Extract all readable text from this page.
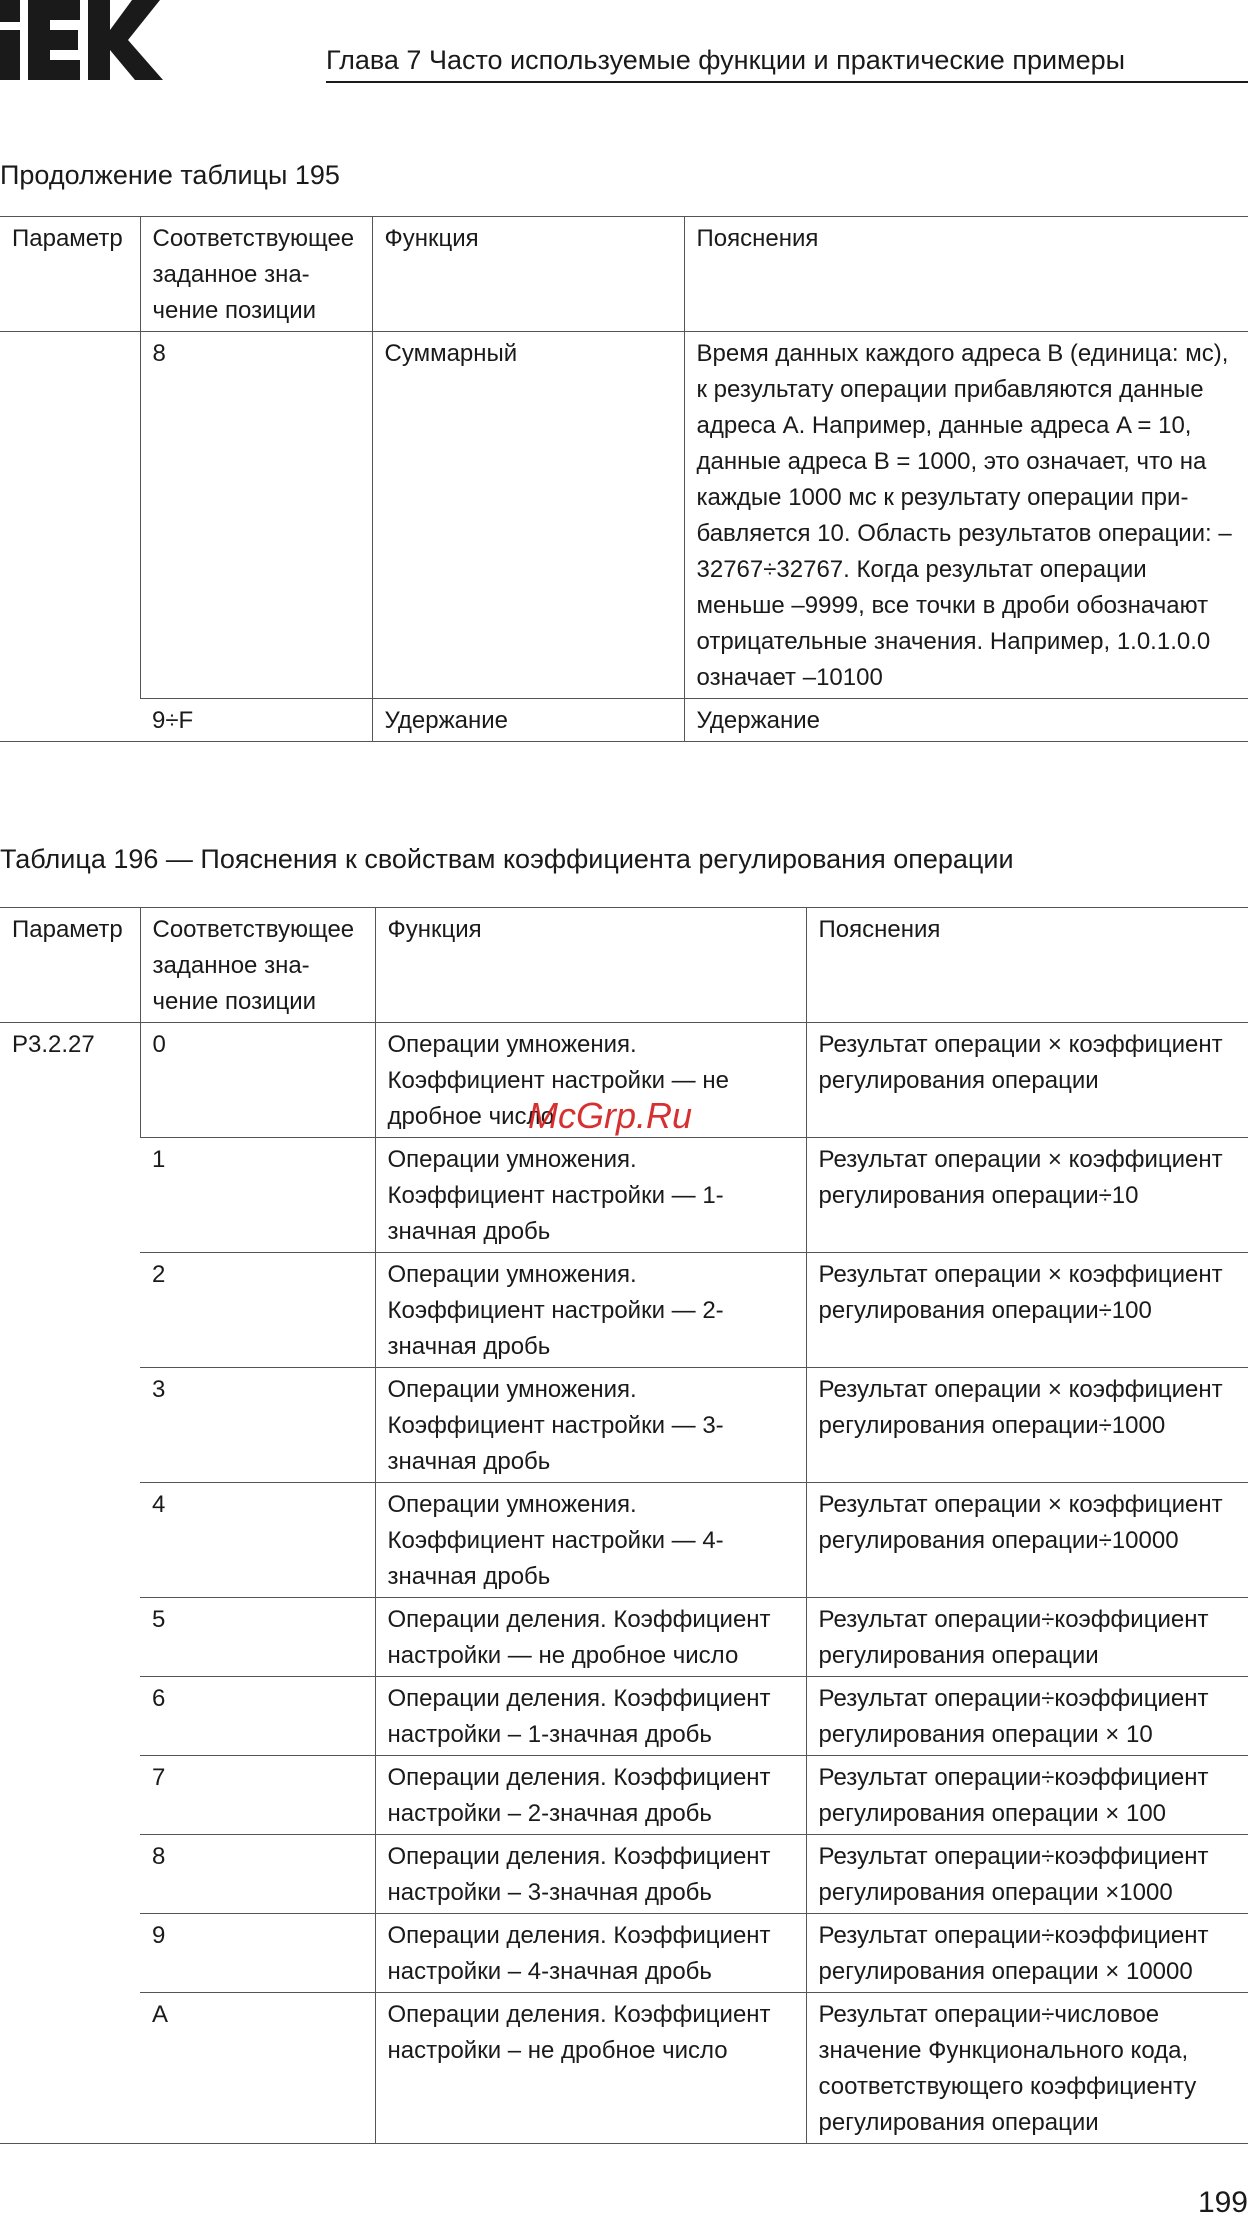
Глава 7 Часто используемые функции и практические примеры
Продолжение таблицы 195
Параметр	Соответствующее заданное зна-чение позиции	Функция	Пояснения
	8	Суммарный	Время данных каждого адреса B (единица: мс), к результату операции прибавляются данные адреса A. Например, данные адреса A = 10, данные адреса B = 1000, это означает, что на каждые 1000 мс к результату операции при-бавляется 10. Область результатов операции: –32767÷32767. Когда результат операции меньше –9999, все точки в дроби обозначают отрицательные значения. Например, 1.0.1.0.0 означает –10100
	9÷F	Удержание	Удержание
Таблица 196 — Пояснения к свойствам коэффициента регулирования операции
Параметр	Соответствующее заданное зна-чение позиции	Функция	Пояснения
P3.2.27	0	Операции умножения. Коэффициент настройки — не дробное число	Результат операции × коэффициент регулирования операции
	1	Операции умножения. Коэффициент настройки — 1-значная дробь	Результат операции × коэффициент регулирования операции÷10
	2	Операции умножения. Коэффициент настройки — 2-значная дробь	Результат операции × коэффициент регулирования операции÷100
	3	Операции умножения. Коэффициент настройки — 3-значная дробь	Результат операции × коэффициент регулирования операции÷1000
	4	Операции умножения. Коэффициент настройки — 4-значная дробь	Результат операции × коэффициент регулирования операции÷10000
	5	Операции деления. Коэффициент настройки — не дробное число	Результат операции÷коэффициент регулирования операции
	6	Операции деления. Коэффициент настройки – 1-значная дробь	Результат операции÷коэффициент регулирования операции × 10
	7	Операции деления. Коэффициент настройки – 2-значная дробь	Результат операции÷коэффициент регулирования операции × 100
	8	Операции деления. Коэффициент настройки – 3-значная дробь	Результат операции÷коэффициент регулирования операции ×1000
	9	Операции деления. Коэффициент настройки – 4-значная дробь	Результат операции÷коэффициент регулирования операции × 10000
	A	Операции деления. Коэффициент настройки – не дробное число	Результат операции÷числовое значение Функционального кода, соответствующего коэффициенту регулирования операции
McGrp.Ru
199
